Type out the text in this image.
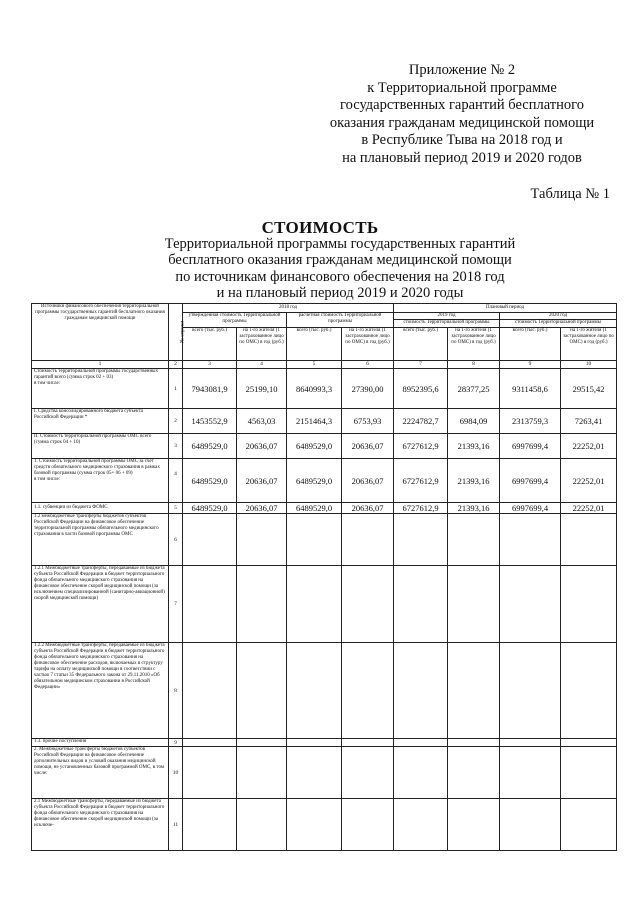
Приложение № 2
к Территориальной программе
государственных гарантий бесплатного
оказания гражданам медицинской помощи
в Республике Тыва на 2018 год и
на плановый период 2019 и 2020 годов
Таблица № 1
СТОИМОСТЬ
Территориальной программы государственных гарантий
бесплатного оказания гражданам медицинской помощи
по источникам финансового обеспечения на 2018 год
и на плановый период 2019 и 2020 годы
Источники финансового обеспечения территориальной программы государственных гарантий бесплатного оказания гражданам медицинской помощи	№ строки	2018 год				Плановый период			
		утвержденная стоимость Территориальной программы		расчетная стоимость Территориальной программы		2019 год		2020 год	
						стоимость Территориальной программы		стоимость Территориальной программы	
		всего (тыс. руб.)	на 1-го жителя (1 застрахованное лицо по ОМС) в год (руб.)	всего (тыс. руб.)	на 1-го жителя (1 застрахованное лицо по ОМС) в год (руб.)	всего (тыс. руб.)	на 1-го жителя (1 застрахованное лицо по ОМС) в год (руб.)	всего (тыс. руб.)	на 1-го жителя (1 застрахованное лицо по ОМС) в год (руб.)
1	2	3	4	5	6	7	8	9	10
Стоимость территориальной программы государственных гарантий всего (сумма строк 02 + 03)
в том числе:	1	7943081,9	25199,10	8640993,3	27390,00	8952395,6	28377,25	9311458,6	29515,42
I. Средства консолидированного бюджета субъекта Российской Федерации *	2	1453552,9	4563,03	2151464,3	6753,93	2224782,7	6984,09	2313759,3	7263,41
II. Стоимость территориальной программы ОМС всего (сумма строк 04 + 10)	3	6489529,0	20636,07	6489529,0	20636,07	6727612,9	21393,16	6997699,4	22252,01
1. Стоимость территориальной программы ОМС за счет средств обязательного медицинского страхования в рамках базовой программы (сумма строк 05+ 06 + 09)
в том числе:	4	6489529,0	20636,07	6489529,0	20636,07	6727612,9	21393,16	6997699,4	22252,01
1.1. субвенции из бюджета ФОМС	5	6489529,0	20636,07	6489529,0	20636,07	6727612,9	21393,16	6997699,4	22252,01
1.2 межбюджетные трансферты бюджетов субъектов Российской Федерации на финансовое обеспечение территориальной программы обязательного медицинского страхования в части базовой программы ОМС	6								
1.2.1 Межбюджетные трансферты, передаваемые из бюджета субъекта Российской Федерации в бюджет территориального фонда обязательного медицинского страхования на финансовое обеспечение скорой медицинской помощи (за исключением специализированной (санитарно-авиационной) скорой медицинской помощи)	7								
1.2.2 Межбюджетные трансферты, передаваемые из бюджета субъекта Российской Федерации в бюджет территориального фонда обязательного медицинского страхования на финансовое обеспечение расходов, включаемых в структуру тарифа на оплату медицинской помощи в соответствии с частью 7 статьи 35 Федерального закона от 29.11.2010 «Об обязательном медицинском страховании в Российской Федерации»	8								
1.3. прочие поступления	9								
2. Межбюджетные трансферты бюджетов субъектов Российской Федерации на финансовое обеспечение дополнительных видов и условий оказания медицинской помощи, не установленных базовой программой ОМС, в том числе:	10								
2.1 Межбюджетные трансферты, передаваемые из бюджета субъекта Российской Федерации в бюджет территориального фонда обязательного медицинского страхования на финансовое обеспечение скорой медицинской помощи (за исключе-	11								
